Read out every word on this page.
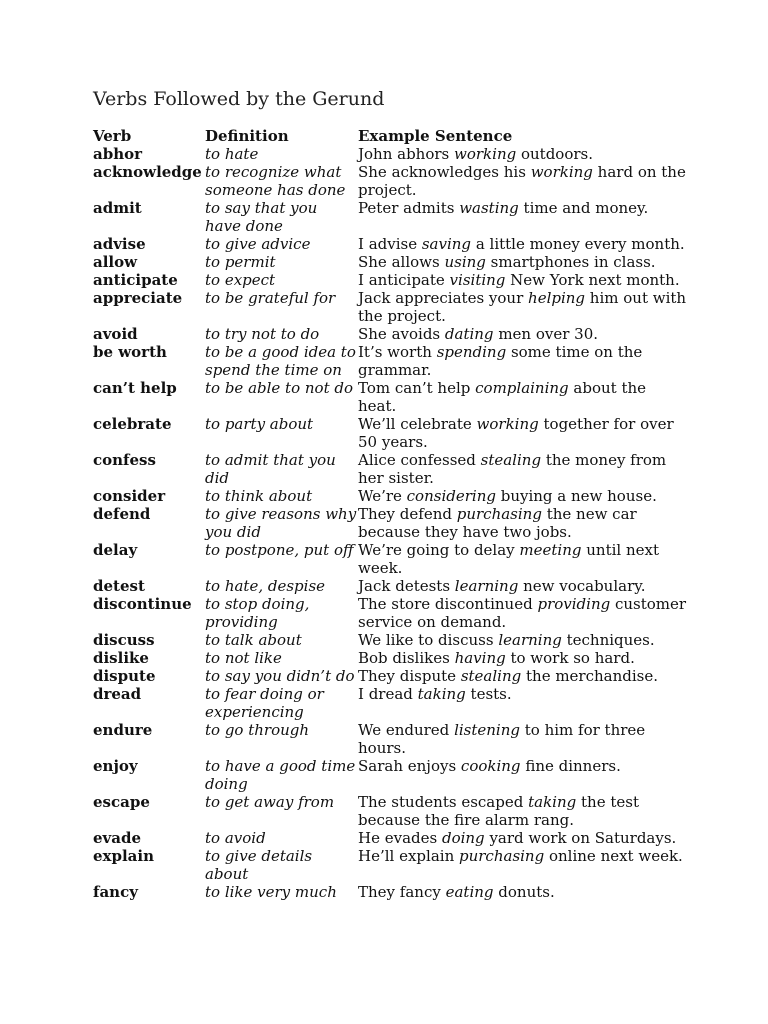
Verbs Followed by the Gerund
Verb	Definition	Example Sentence
abhor	to hate	John abhors working outdoors.
acknowledge	to recognize what someone has done	She acknowledges his working hard on the project.
admit	to say that you have done	Peter admits wasting time and money.
advise	to give advice	I advise saving a little money every month.
allow	to permit	She allows using smartphones in class.
anticipate	to expect	I anticipate visiting New York next month.
appreciate	to be grateful for	Jack appreciates your helping him out with the project.
avoid	to try not to do	She avoids dating men over 30.
be worth	to be a good idea to spend the time on	It’s worth spending some time on the grammar.
can’t help	to be able to not do	Tom can’t help complaining about the heat.
celebrate	to party about	We’ll celebrate working together for over 50 years.
confess	to admit that you did	Alice confessed stealing the money from her sister.
consider	to think about	We’re considering buying a new house.
defend	to give reasons why you did	They defend purchasing the new car because they have two jobs.
delay	to postpone, put off	We’re going to delay meeting until next week.
detest	to hate, despise	Jack detests learning new vocabulary.
discontinue	to stop doing, providing	The store discontinued providing customer service on demand.
discuss	to talk about	We like to discuss learning techniques.
dislike	to not like	Bob dislikes having to work so hard.
dispute	to say you didn’t do	They dispute stealing the merchandise.
dread	to fear doing or experiencing	I dread taking tests.
endure	to go through	We endured listening to him for three hours.
enjoy	to have a good time doing	Sarah enjoys cooking fine dinners.
escape	to get away from	The students escaped taking the test because the fire alarm rang.
evade	to avoid	He evades doing yard work on Saturdays.
explain	to give details about	He’ll explain purchasing online next week.
fancy	to like very much	They fancy eating donuts.
